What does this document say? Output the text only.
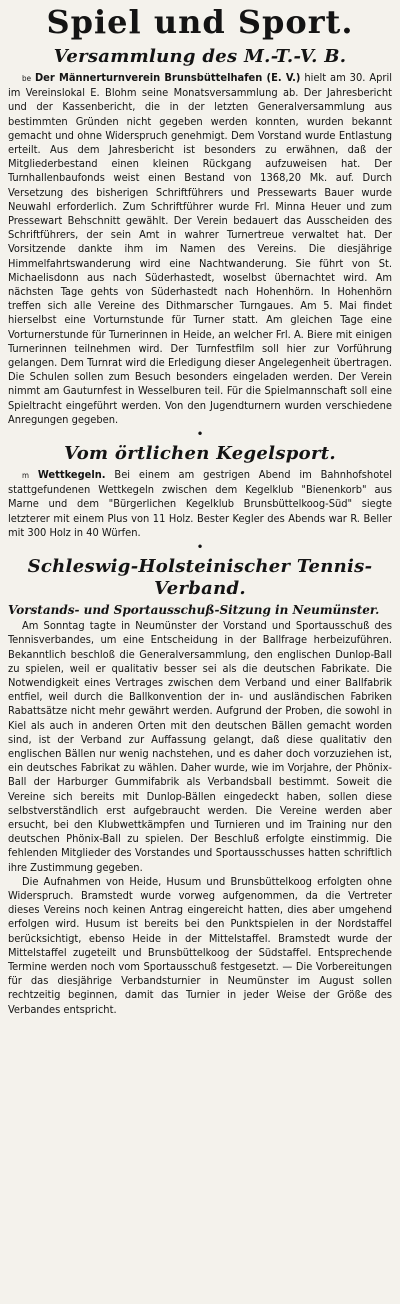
Spiel und Sport.
Versammlung des M.-T.-V. B.

be Der Männerturnverein Brunsbüttelhafen (E. V.) hielt am 30. April im Vereinslokal E. Blohm seine Monatsversammlung ab. Der Jahresbericht und der Kassenbericht, die in der letzten Generalversammlung aus bestimmten Gründen nicht gegeben werden konnten, wurden bekannt gemacht und ohne Widerspruch genehmigt. Dem Vorstand wurde Entlastung erteilt. Aus dem Jahresbericht ist besonders zu erwähnen, daß der Mitgliederbestand einen kleinen Rückgang aufzuweisen hat. Der Turnhallenbaufonds weist einen Bestand von 1368,20 Mk. auf. Durch Versetzung des bisherigen Schriftführers und Pressewarts Bauer wurde Neuwahl erforderlich. Zum Schriftführer wurde Frl. Minna Heuer und zum Pressewart Behschnitt gewählt. Der Verein bedauert das Ausscheiden des Schriftführers, der sein Amt in wahrer Turnertreue verwaltet hat. Der Vorsitzende dankte ihm im Namen des Vereins. Die diesjährige Himmelfahrtswanderung wird eine Nachtwanderung. Sie führt von St. Michaelisdonn aus nach Süderhastedt, woselbst übernachtet wird. Am nächsten Tage gehts von Süderhastedt nach Hohenhörn. In Hohenhörn treffen sich alle Vereine des Dithmarscher Turngaues. Am 5. Mai findet hierselbst eine Vorturnstunde für Turner statt. Am gleichen Tage eine Vorturnerstunde für Turnerinnen in Heide, an welcher Frl. A. Biere mit einigen Turnerinnen teilnehmen wird. Der Turnfestfilm soll hier zur Vorführung gelangen. Dem Turnrat wird die Erledigung dieser Angelegenheit übertragen. Die Schulen sollen zum Besuch besonders eingeladen werden. Der Verein nimmt am Gauturnfest in Wesselburen teil. Für die Spielmannschaft soll eine Spieltracht eingeführt werden. Von den Jugendturnern wurden verschiedene Anregungen gegeben.

•
Vom örtlichen Kegelsport.

m Wettkegeln. Bei einem am gestrigen Abend im Bahnhofshotel stattgefundenen Wettkegeln zwischen dem Kegelklub "Bienenkorb" aus Marne und dem "Bürgerlichen Kegelklub Brunsbüttelkoog-Süd" siegte letzterer mit einem Plus von 11 Holz. Bester Kegler des Abends war R. Beller mit 300 Holz in 40 Würfen.

•
Schleswig-Holsteinischer Tennis-Verband.
Vorstands- und Sportausschuß-Sitzung in Neumünster.

Am Sonntag tagte in Neumünster der Vorstand und Sportausschuß des Tennisverbandes, um eine Entscheidung in der Ballfrage herbeizuführen. Bekanntlich beschloß die Generalversammlung, den englischen Dunlop-Ball zu spielen, weil er qualitativ besser sei als die deutschen Fabrikate. Die Notwendigkeit eines Vertrages zwischen dem Verband und einer Ballfabrik entfiel, weil durch die Ballkonvention der in- und ausländischen Fabriken Rabattsätze nicht mehr gewährt werden. Aufgrund der Proben, die sowohl in Kiel als auch in anderen Orten mit den deutschen Bällen gemacht worden sind, ist der Verband zur Auffassung gelangt, daß diese qualitativ den englischen Bällen nur wenig nachstehen, und es daher doch vorzuziehen ist, ein deutsches Fabrikat zu wählen. Daher wurde, wie im Vorjahre, der Phönix-Ball der Harburger Gummifabrik als Verbandsball bestimmt. Soweit die Vereine sich bereits mit Dunlop-Bällen eingedeckt haben, sollen diese selbstverständlich erst aufgebraucht werden. Die Vereine werden aber ersucht, bei den Klubwettkämpfen und Turnieren und im Training nur den deutschen Phönix-Ball zu spielen. Der Beschluß erfolgte einstimmig. Die fehlenden Mitglieder des Vorstandes und Sportausschusses hatten schriftlich ihre Zustimmung gegeben.

Die Aufnahmen von Heide, Husum und Brunsbüttelkoog erfolgten ohne Widerspruch. Bramstedt wurde vorweg aufgenommen, da die Vertreter dieses Vereins noch keinen Antrag eingereicht hatten, dies aber umgehend erfolgen wird. Husum ist bereits bei den Punktspielen in der Nordstaffel berücksichtigt, ebenso Heide in der Mittelstaffel. Bramstedt wurde der Mittelstaffel zugeteilt und Brunsbüttelkoog der Südstaffel. Entsprechende Termine werden noch vom Sportausschuß festgesetzt. — Die Vorbereitungen für das diesjährige Verbandsturnier in Neumünster im August sollen rechtzeitig beginnen, damit das Turnier in jeder Weise der Größe des Verbandes entspricht.
